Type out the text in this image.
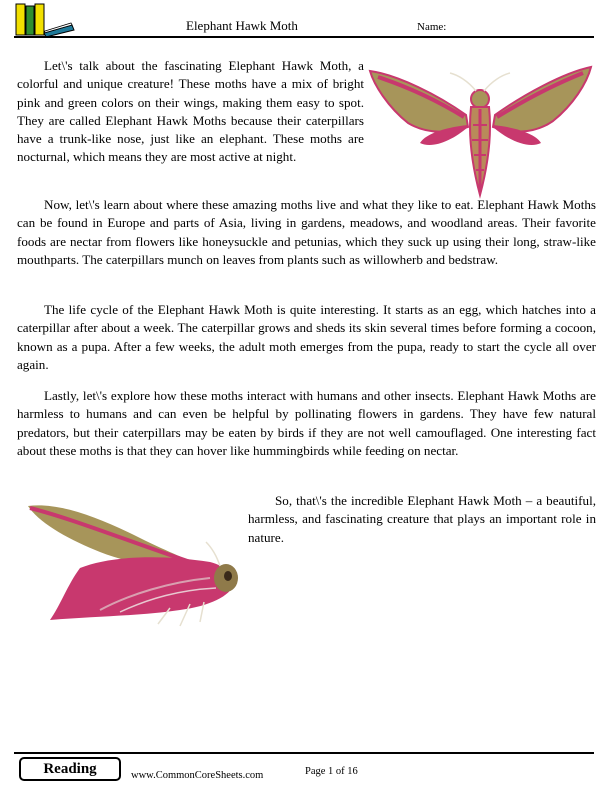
Elephant Hawk Moth	Name:

Let\'s talk about the fascinating Elephant Hawk Moth, a colorful and unique creature! These moths have a mix of bright pink and green colors on their wings, making them easy to spot. They are called Elephant Hawk Moths because their caterpillars have a trunk-like nose, just like an elephant. These moths are nocturnal, which means they are most active at night.

Now, let\'s learn about where these amazing moths live and what they like to eat. Elephant Hawk Moths can be found in Europe and parts of Asia, living in gardens, meadows, and woodland areas. Their favorite foods are nectar from flowers like honeysuckle and petunias, which they suck up using their long, straw-like mouthparts. The caterpillars munch on leaves from plants such as willowherb and bedstraw.

The life cycle of the Elephant Hawk Moth is quite interesting. It starts as an egg, which hatches into a caterpillar after about a week. The caterpillar grows and sheds its skin several times before forming a cocoon, known as a pupa. After a few weeks, the adult moth emerges from the pupa, ready to start the cycle all over again.

Lastly, let\'s explore how these moths interact with humans and other insects. Elephant Hawk Moths are harmless to humans and can even be helpful by pollinating flowers in gardens. They have few natural predators, but their caterpillars may be eaten by birds if they are not well camouflaged. One interesting fact about these moths is that they can hover like hummingbirds while feeding on nectar.

So, that\'s the incredible Elephant Hawk Moth – a beautiful, harmless, and fascinating creature that plays an important role in nature.

Reading	www.CommonCoreSheets.com	Page 1 of 16
